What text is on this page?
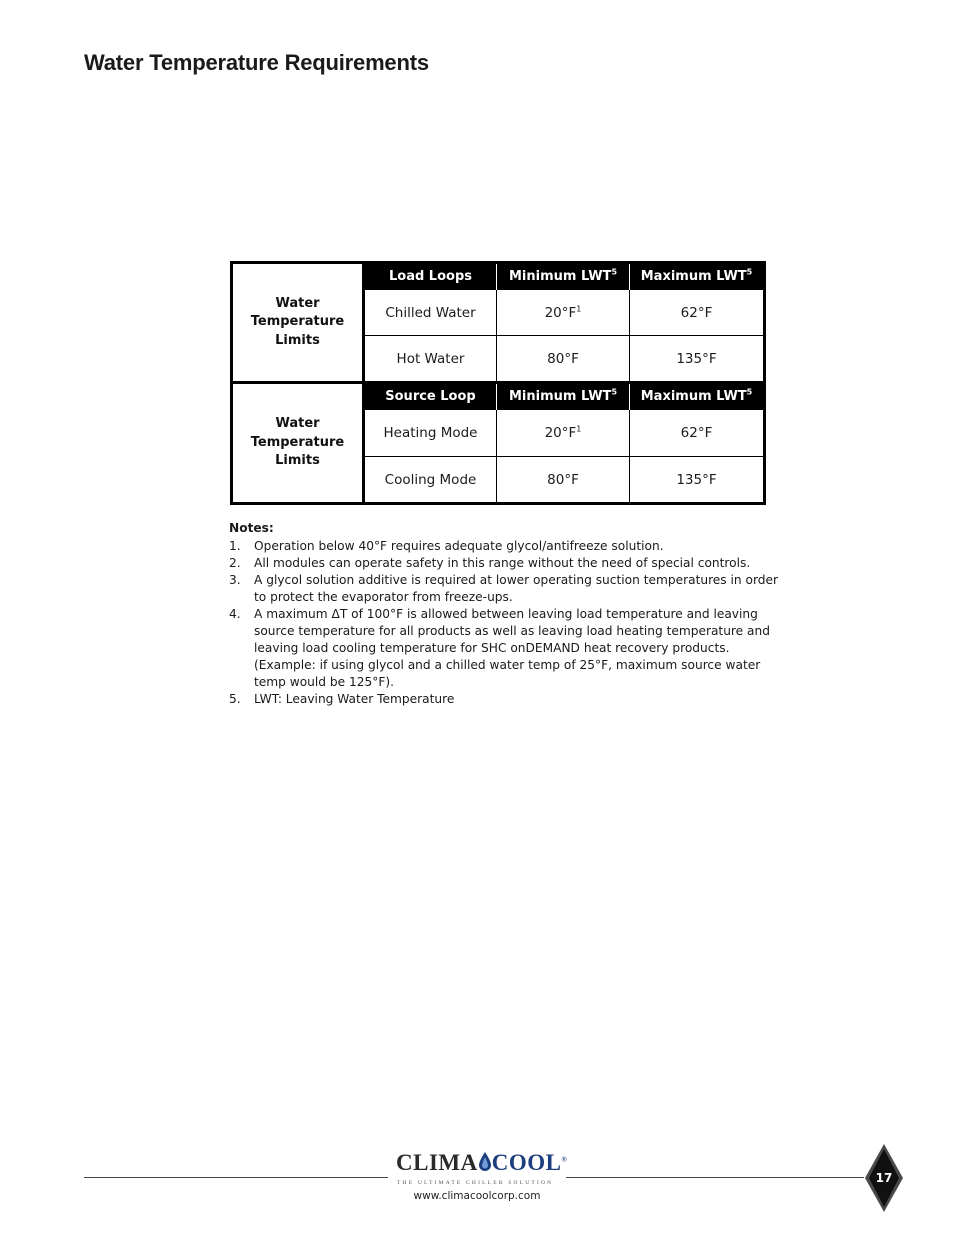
Water Temperature Requirements
Water
Temperature
Limits	Load Loops	Minimum LWT$^5$	Maximum LWT$^5$
	Chilled Water	$20^\circ F^1$	62°F
	Hot Water	80°F	135°F

Water
Temperature
Limits	Source Loop	Minimum LWT$^5$	Maximum LWT$^5$
	Heating Mode	$20^\circ F^1$	62°F
	Cooling Mode	80°F	135°F

Notes:

1. Operation below 40°F requires adequate glycol/antifreeze solution.
2. All modules can operate safety in this range without the need of special controls.
3. A glycol solution additive is required at lower operating suction temperatures in order to protect the evaporator from freeze-ups.
4. A maximum ΔT of 100°F is allowed between leaving load temperature and leaving source temperature for all products as well as leaving load heating temperature and leaving load cooling temperature for SHC onDEMAND heat recovery products. (Example: if using glycol and a chilled water temp of 25°F, maximum source water temp would be 125°F).
5. LWT: Leaving Water Temperature
CLIMA COOL®
THE ULTIMATE CHILLER SOLUTION
www.climacoolcorp.com
17
